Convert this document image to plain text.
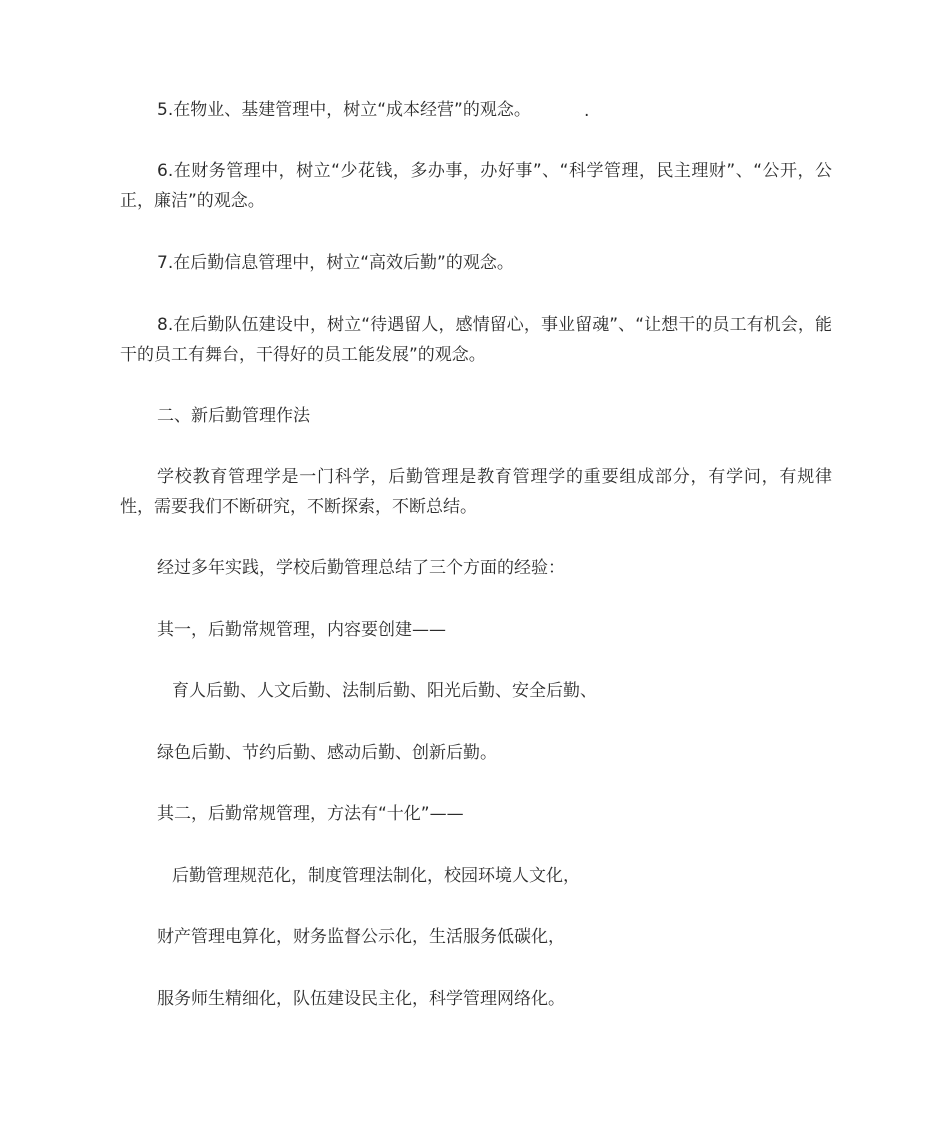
5.在物业、基建管理中，树立“成本经营”的观念。	.

6.在财务管理中，树立“少花钱，多办事，办好事”、“科学管理，民主理财”、“公开，公正，廉洁”的观念。

7.在后勤信息管理中，树立“高效后勤”的观念。

8.在后勤队伍建设中，树立“待遇留人，感情留心，事业留魂”、“让想干的员工有机会，能干的员工有舞台，干得好的员工能发展”的观念。

二、新后勤管理作法

学校教育管理学是一门科学，后勤管理是教育管理学的重要组成部分，有学问，有规律性，需要我们不断研究，不断探索，不断总结。

经过多年实践，学校后勤管理总结了三个方面的经验：

其一，后勤常规管理，内容要创建——

育人后勤、人文后勤、法制后勤、阳光后勤、安全后勤、

绿色后勤、节约后勤、感动后勤、创新后勤。

其二，后勤常规管理，方法有“十化”——

后勤管理规范化，制度管理法制化，校园环境人文化，

财产管理电算化，财务监督公示化，生活服务低碳化，

服务师生精细化，队伍建设民主化，科学管理网络化。
